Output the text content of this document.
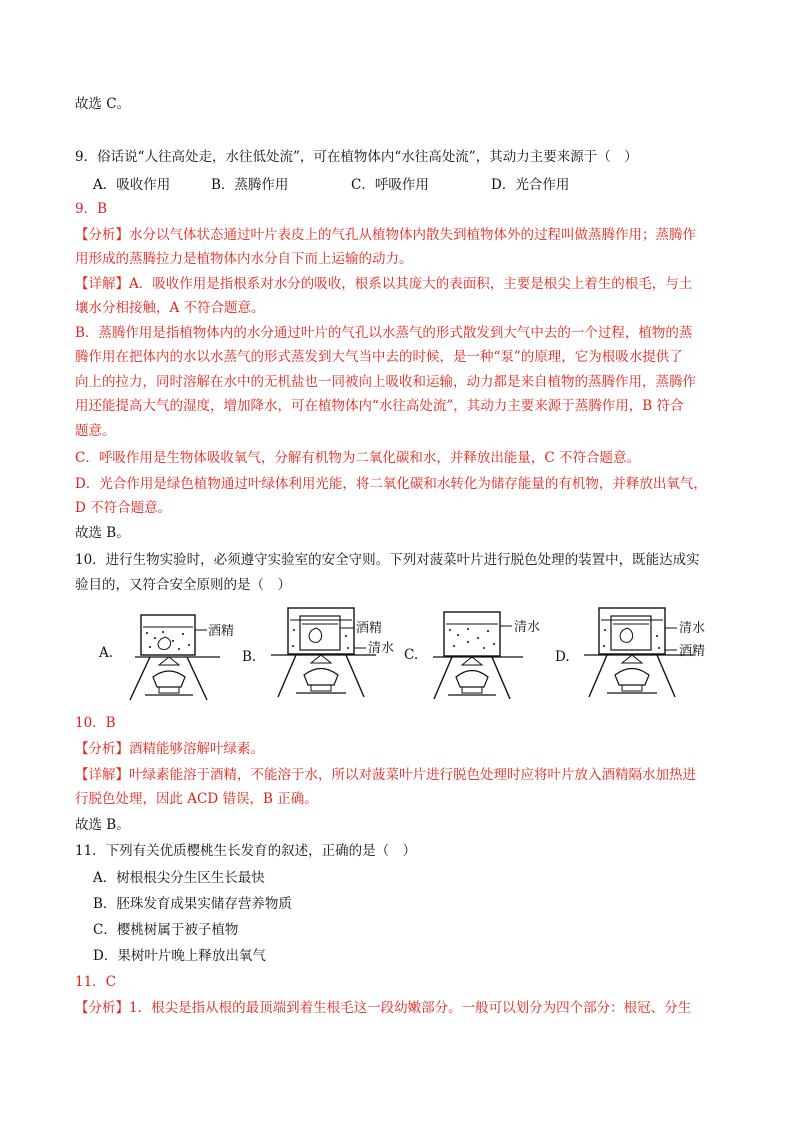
故选 C。
9．俗话说“人往高处走，水往低处流”，可在植物体内“水往高处流”，其动力主要来源于（　）
A．吸收作用	B．蒸腾作用	C．呼吸作用	D．光合作用
9．B
【分析】水分以气体状态通过叶片表皮上的气孔从植物体内散失到植物体外的过程叫做蒸腾作用；蒸腾作
用形成的蒸腾拉力是植物体内水分自下而上运输的动力。
【详解】A．吸收作用是指根系对水分的吸收，根系以其庞大的表面积，主要是根尖上着生的根毛，与土
壤水分相接触，A 不符合题意。
B．蒸腾作用是指植物体内的水分通过叶片的气孔以水蒸气的形式散发到大气中去的一个过程，植物的蒸
腾作用在把体内的水以水蒸气的形式蒸发到大气当中去的时候，是一种“泵”的原理，它为根吸水提供了
向上的拉力，同时溶解在水中的无机盐也一同被向上吸收和运输，动力都是来自植物的蒸腾作用，蒸腾作
用还能提高大气的湿度，增加降水，可在植物体内“水往高处流”，其动力主要来源于蒸腾作用，B 符合
题意。
C．呼吸作用是生物体吸收氧气，分解有机物为二氧化碳和水，并释放出能量，C 不符合题意。
D．光合作用是绿色植物通过叶绿体利用光能，将二氧化碳和水转化为储存能量的有机物，并释放出氧气，
D 不符合题意。
故选 B。
10．进行生物实验时，必须遵守实验室的安全守则。下列对菠菜叶片进行脱色处理的装置中，既能达成实
验目的，又符合安全原则的是（　）
A.
酒精
B.
酒精
清水 C.
清水
D.
清水
酒精
10．B
【分析】酒精能够溶解叶绿素。
【详解】叶绿素能溶于酒精，不能溶于水，所以对菠菜叶片进行脱色处理时应将叶片放入酒精隔水加热进
行脱色处理，因此 ACD 错误，B 正确。
故选 B。
11．下列有关优质樱桃生长发育的叙述，正确的是（　）
A．树根根尖分生区生长最快
B．胚珠发育成果实储存营养物质
C．樱桃树属于被子植物
D．果树叶片晚上释放出氧气
11．C
【分析】1．根尖是指从根的最顶端到着生根毛这一段幼嫩部分。一般可以划分为四个部分：根冠、分生
